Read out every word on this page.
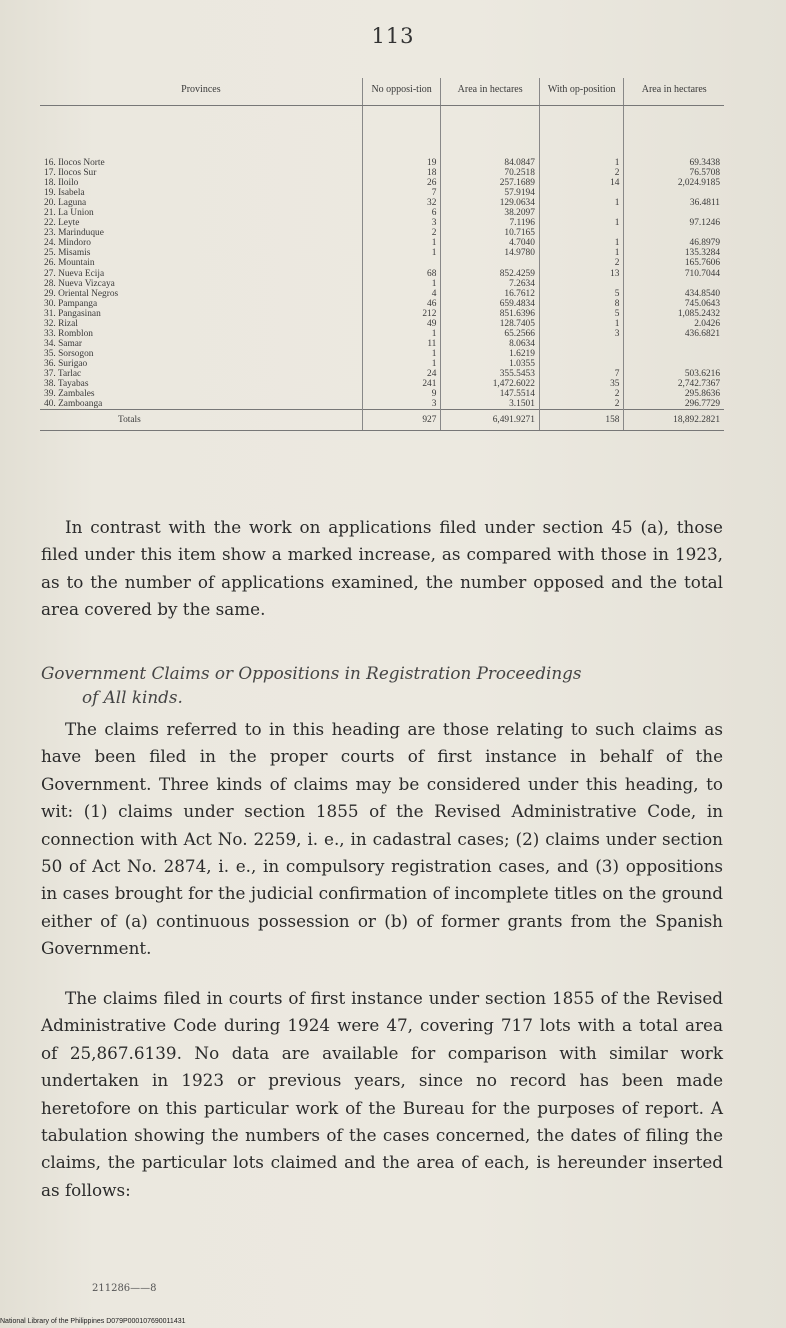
113
Provinces	No opposi-tion	Area in hectares	With op-position	Area in hectares
16. Ilocos Norte	19	84.0847	1	69.3438
17. Ilocos Sur	18	70.2518	2	76.5708
18. Iloilo	26	257.1689	14	2,024.9185
19. Isabela	7	57.9194		
20. Laguna	32	129.0634	1	36.4811
21. La Union	6	38.2097		
22. Leyte	3	7.1196	1	97.1246
23. Marinduque	2	10.7165		
24. Mindoro	1	4.7040	1	46.8979
25. Misamis	1	14.9780	1	135.3284
26. Mountain			2	165.7606
27. Nueva Ecija	68	852.4259	13	710.7044
28. Nueva Vizcaya	1	7.2634		
29. Oriental Negros	4	16.7612	5	434.8540
30. Pampanga	46	659.4834	8	745.0643
31. Pangasinan	212	851.6396	5	1,085.2432
32. Rizal	49	128.7405	1	2.0426
33. Romblon	1	65.2566	3	436.6821
34. Samar	11	8.0634		
35. Sorsogon	1	1.6219		
36. Surigao	1	1.0355		
37. Tarlac	24	355.5453	7	503.6216
38. Tayabas	241	1,472.6022	35	2,742.7367
39. Zambales	9	147.5514	2	295.8636
40. Zamboanga	3	3.1501	2	296.7729
Totals	927	6,491.9271	158	18,892.2821
In contrast with the work on applications filed under section 45 (a), those filed under this item show a marked increase, as compared with those in 1923, as to the number of applications examined, the number opposed and the total area covered by the same.
Government Claims or Oppositions in Registration Proceedings
of All kinds.
The claims referred to in this heading are those relating to such claims as have been filed in the proper courts of first instance in behalf of the Government. Three kinds of claims may be considered under this heading, to wit: (1) claims under section 1855 of the Revised Administrative Code, in connection with Act No. 2259, i. e., in cadastral cases; (2) claims under section 50 of Act No. 2874, i. e., in compulsory registration cases, and (3) oppositions in cases brought for the judicial confirmation of incomplete titles on the ground either of (a) continuous possession or (b) of former grants from the Spanish Government.
The claims filed in courts of first instance under section 1855 of the Revised Administrative Code during 1924 were 47, covering 717 lots with a total area of 25,867.6139. No data are available for comparison with similar work undertaken in 1923 or previous years, since no record has been made heretofore on this particular work of the Bureau for the purposes of report. A tabulation showing the numbers of the cases concerned, the dates of filing the claims, the particular lots claimed and the area of each, is hereunder inserted as follows:
211286——8
National Library of the Philippines D079P000107690011431
